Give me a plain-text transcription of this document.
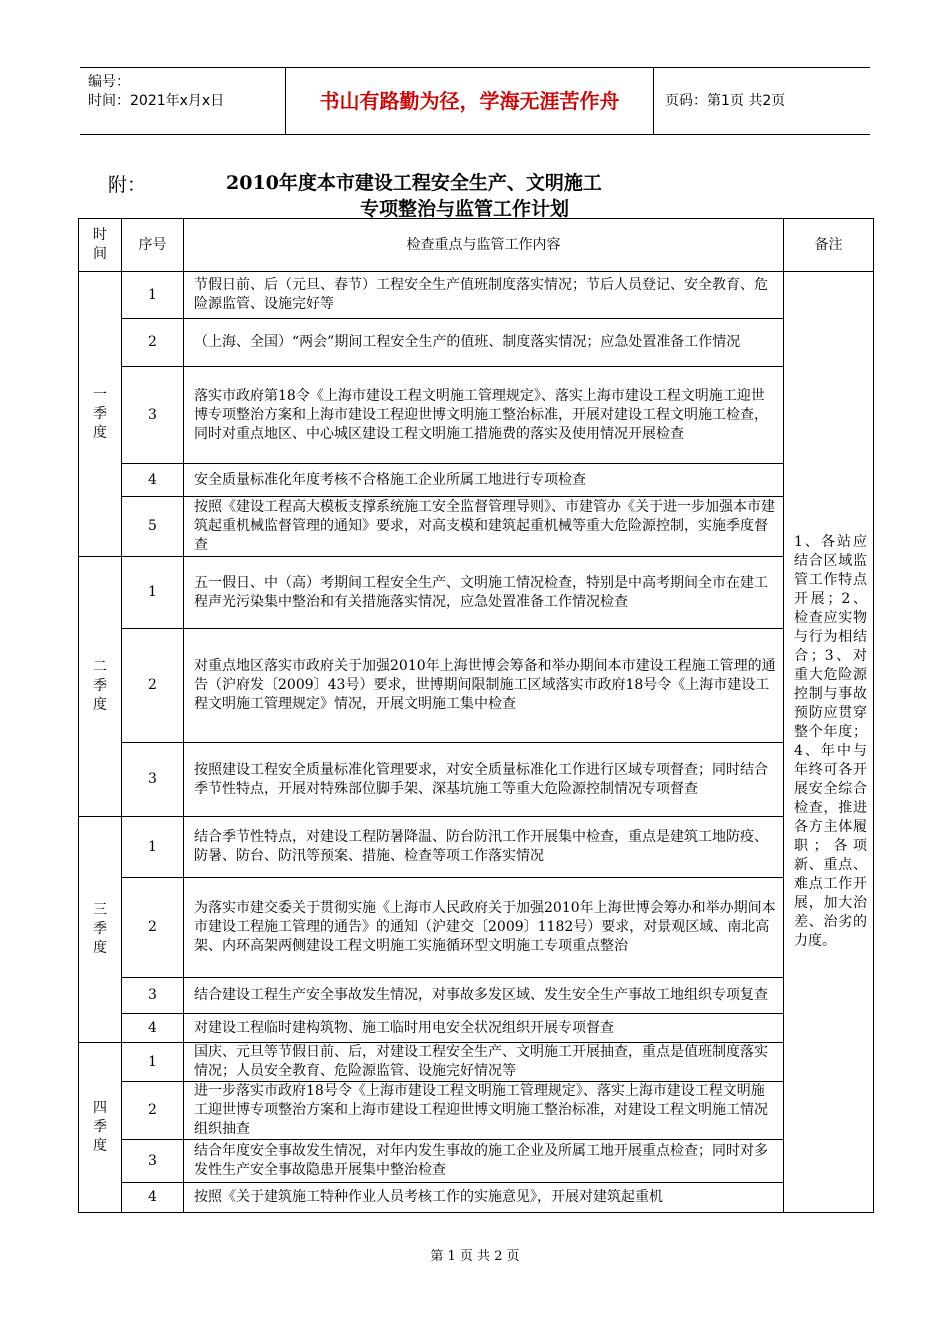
编号：
时间：2021年x月x日	书山有路勤为径，学海无涯苦作舟	页码：第1页 共2页
附：	2010年度本市建设工程安全生产、文明施工
专项整治与监管工作计划
时间	序号	检查重点与监管工作内容	备注
一季度	1	节假日前、后（元旦、春节）工程安全生产值班制度落实情况；节后人员登记、安全教育、危险源监管、设施完好等	1、各站应结合区域监管工作特点开展；2、检查应实物与行为相结合；3、对重大危险源控制与事故预防应贯穿整个年度；4、年中与年终可各开展安全综合检查，推进各方主体履职；各项新、重点、难点工作开展，加大治差、治劣的力度。
	2	（上海、全国）“两会”期间工程安全生产的值班、制度落实情况；应急处置准备工作情况	
	3	落实市政府第18令《上海市建设工程文明施工管理规定》、落实上海市建设工程文明施工迎世博专项整治方案和上海市建设工程迎世博文明施工整治标准，开展对建设工程文明施工检查，同时对重点地区、中心城区建设工程文明施工措施费的落实及使用情况开展检查	
	4	安全质量标准化年度考核不合格施工企业所属工地进行专项检查	
	5	按照《建设工程高大模板支撑系统施工安全监督管理导则》、市建管办《关于进一步加强本市建筑起重机械监督管理的通知》要求，对高支模和建筑起重机械等重大危险源控制，实施季度督查	
二季度	1	五一假日、中（高）考期间工程安全生产、文明施工情况检查，特别是中高考期间全市在建工程声光污染集中整治和有关措施落实情况，应急处置准备工作情况检查	
	2	对重点地区落实市政府关于加强2010年上海世博会筹备和举办期间本市建设工程施工管理的通告（沪府发〔2009〕43号）要求，世博期间限制施工区域落实市政府18号令《上海市建设工程文明施工管理规定》情况，开展文明施工集中检查	
	3	按照建设工程安全质量标准化管理要求，对安全质量标准化工作进行区域专项督查；同时结合季节性特点，开展对特殊部位脚手架、深基坑施工等重大危险源控制情况专项督查	
三季度	1	结合季节性特点，对建设工程防暑降温、防台防汛工作开展集中检查，重点是建筑工地防疫、防暑、防台、防汛等预案、措施、检查等项工作落实情况	
	2	为落实市建交委关于贯彻实施《上海市人民政府关于加强2010年上海世博会筹办和举办期间本市建设工程施工管理的通告》的通知（沪建交〔2009〕1182号）要求，对景观区域、南北高架、内环高架两侧建设工程文明施工实施循环型文明施工专项重点整治	
	3	结合建设工程生产安全事故发生情况，对事故多发区域、发生安全生产事故工地组织专项复查	
	4	对建设工程临时建构筑物、施工临时用电安全状况组织开展专项督查	
四季度	1	国庆、元旦等节假日前、后，对建设工程安全生产、文明施工开展抽查，重点是值班制度落实情况；人员安全教育、危险源监管、设施完好情况等	
	2	进一步落实市政府18号令《上海市建设工程文明施工管理规定》、落实上海市建设工程文明施工迎世博专项整治方案和上海市建设工程迎世博文明施工整治标准，对建设工程文明施工情况组织抽查	
	3	结合年度安全事故发生情况，对年内发生事故的施工企业及所属工地开展重点检查；同时对多发性生产安全事故隐患开展集中整治检查	
	4	按照《关于建筑施工特种作业人员考核工作的实施意见》，开展对建筑起重机	
第 1 页 共 2 页
